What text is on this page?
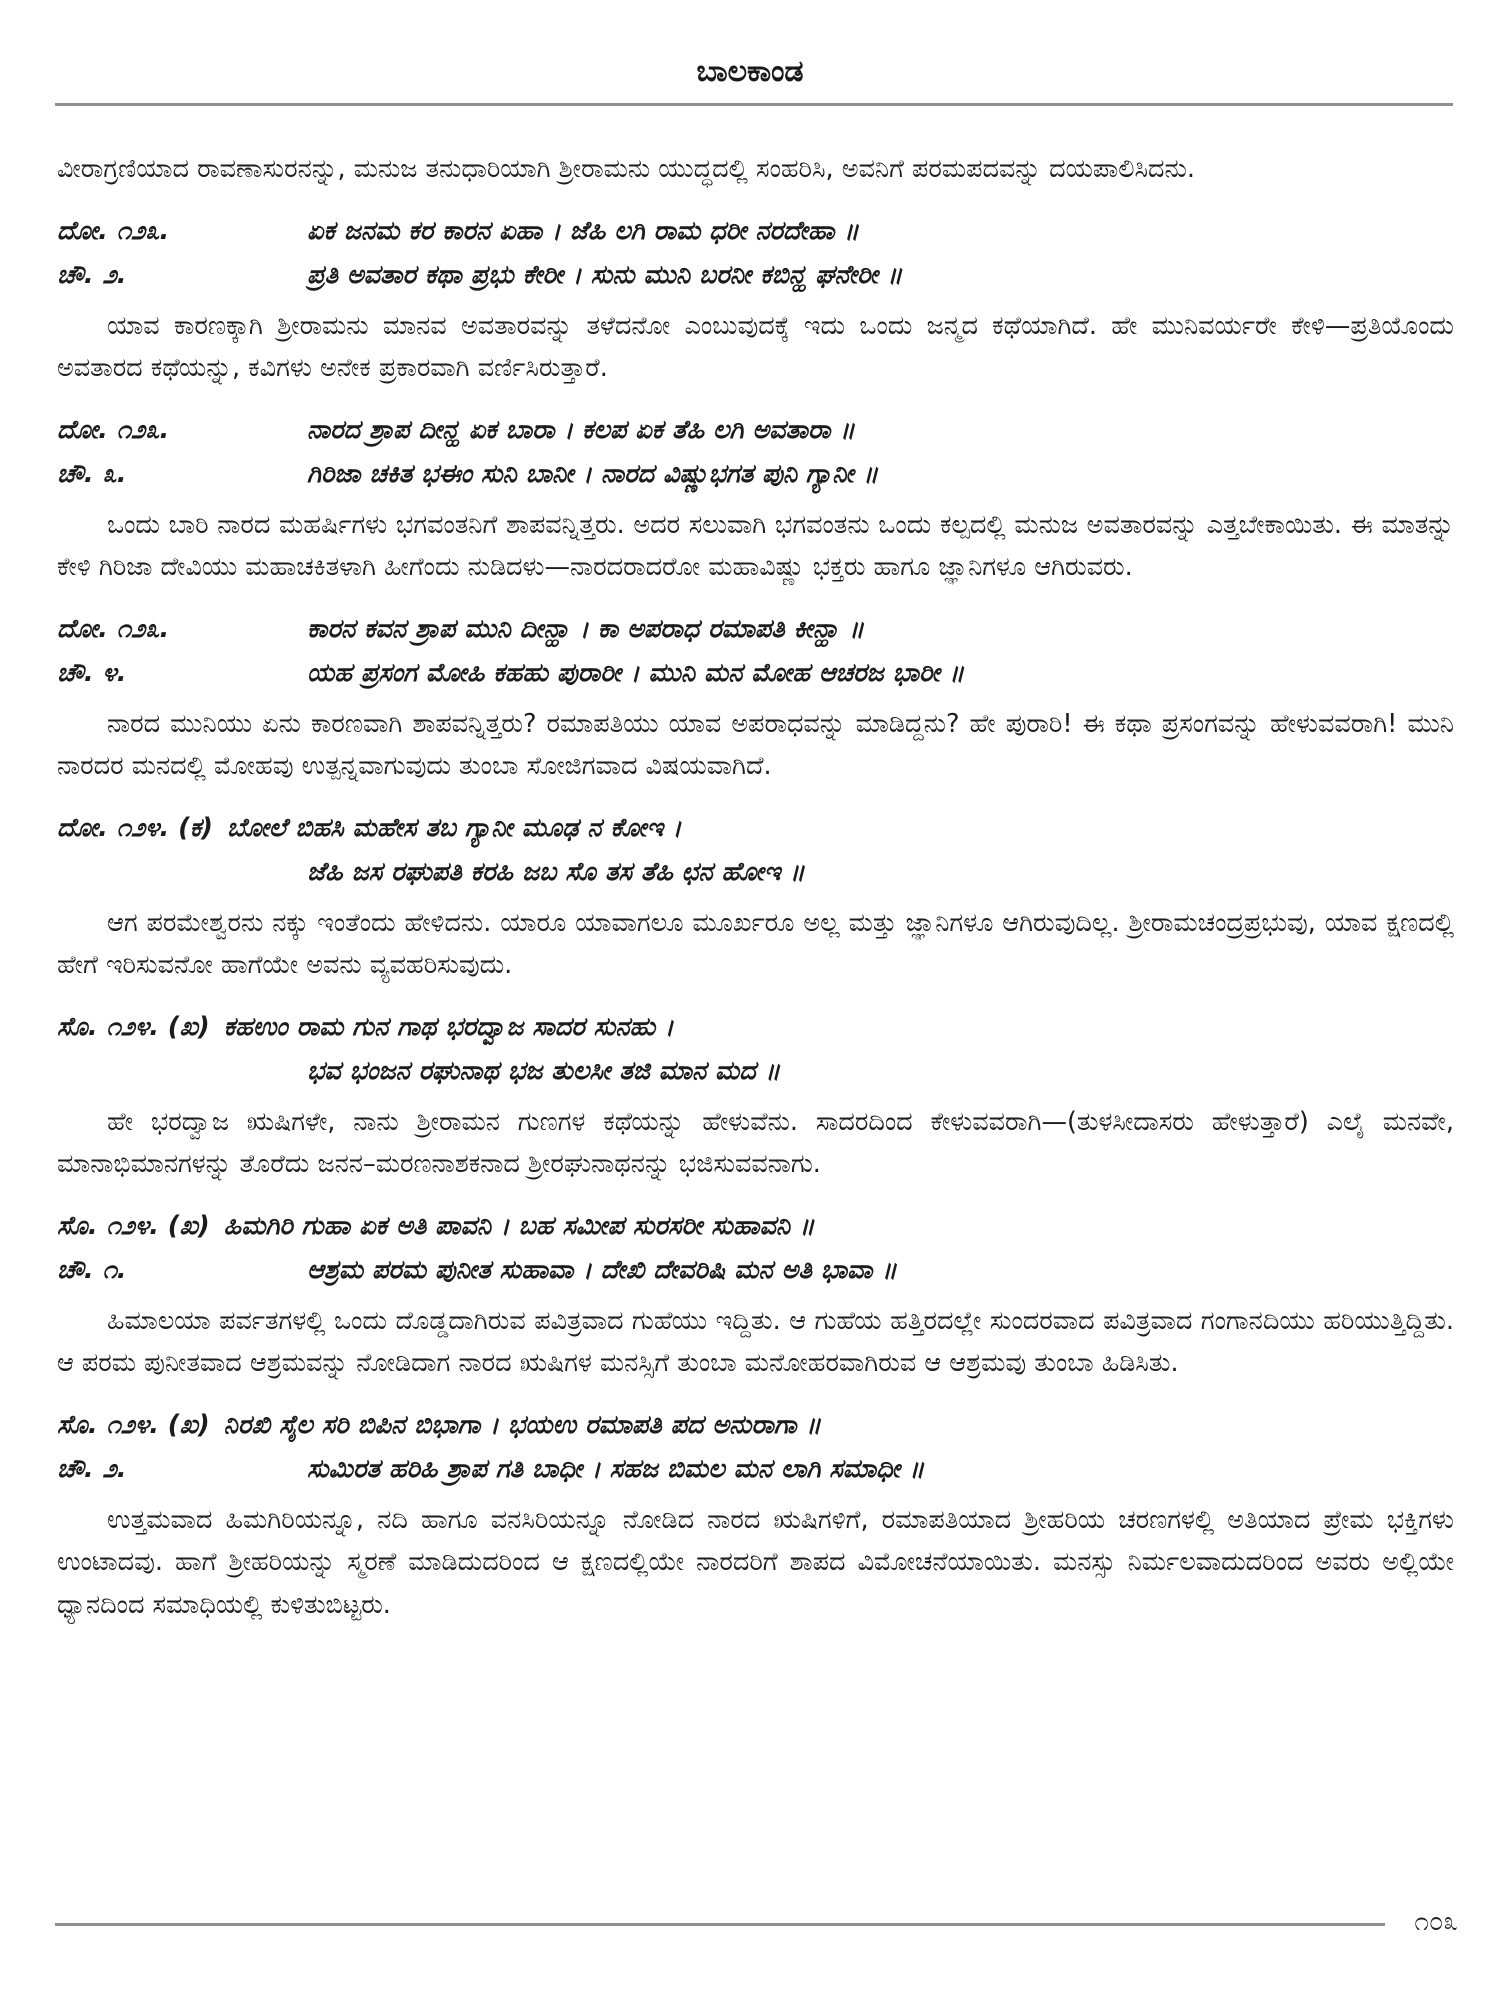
ಬಾಲಕಾಂಡ
ವೀರಾಗ್ರಣಿಯಾದ ರಾವಣಾಸುರನನ್ನು, ಮನುಜ ತನುಧಾರಿಯಾಗಿ ಶ್ರೀರಾಮನು ಯುದ್ಧದಲ್ಲಿ ಸಂಹರಿಸಿ, ಅವನಿಗೆ ಪರಮಪದವನ್ನು ದಯಪಾಲಿಸಿದನು.
ದೋ. ೧೨೩.	ಏಕ ಜನಮ ಕರ ಕಾರನ ಏಹಾ । ಜೆಹಿ ಲಗಿ ರಾಮ ಧರೀ ನರದೇಹಾ ॥
ಚೌ. ೨.	ಪ್ರತಿ ಅವತಾರ ಕಥಾ ಪ್ರಭು ಕೇರೀ । ಸುನು ಮುನಿ ಬರನೀ ಕಬಿನ್ಹ ಘನೇರೀ ॥
ಯಾವ ಕಾರಣಕ್ಕಾಗಿ ಶ್ರೀರಾಮನು ಮಾನವ ಅವತಾರವನ್ನು ತಳೆದನೋ ಎಂಬುವುದಕ್ಕೆ ಇದು ಒಂದು ಜನ್ಮದ ಕಥೆಯಾಗಿದೆ. ಹೇ ಮುನಿವರ್ಯರೇ ಕೇಳಿ—ಪ್ರತಿಯೊಂದು ಅವತಾರದ ಕಥೆಯನ್ನು, ಕವಿಗಳು ಅನೇಕ ಪ್ರಕಾರವಾಗಿ ವರ್ಣಿಸಿರುತ್ತಾರೆ.
ದೋ. ೧೨೩.	ನಾರದ ಶ್ರಾಪ ದೀನ್ಹ ಏಕ ಬಾರಾ । ಕಲಪ ಏಕ ತೆಹಿ ಲಗಿ ಅವತಾರಾ ॥
ಚೌ. ೩.	ಗಿರಿಜಾ ಚಕಿತ ಭಈಂ ಸುನಿ ಬಾನೀ । ನಾರದ ವಿಷ್ಣುಭಗತ ಪುನಿ ಗ್ಯಾನೀ ॥
ಒಂದು ಬಾರಿ ನಾರದ ಮಹರ್ಷಿಗಳು ಭಗವಂತನಿಗೆ ಶಾಪವನ್ನಿತ್ತರು. ಅದರ ಸಲುವಾಗಿ ಭಗವಂತನು ಒಂದು ಕಲ್ಪದಲ್ಲಿ ಮನುಜ ಅವತಾರವನ್ನು ಎತ್ತಬೇಕಾಯಿತು. ಈ ಮಾತನ್ನು ಕೇಳಿ ಗಿರಿಜಾ ದೇವಿಯು ಮಹಾಚಕಿತಳಾಗಿ ಹೀಗೆಂದು ನುಡಿದಳು—ನಾರದರಾದರೋ ಮಹಾವಿಷ್ಣು ಭಕ್ತರು ಹಾಗೂ ಜ್ಞಾನಿಗಳೂ ಆಗಿರುವರು.
ದೋ. ೧೨೩.	ಕಾರನ ಕವನ ಶ್ರಾಪ ಮುನಿ ದೀನ್ಹಾ । ಕಾ ಅಪರಾಧ ರಮಾಪತಿ ಕೀನ್ಹಾ ॥
ಚೌ. ೪.	ಯಹ ಪ್ರಸಂಗ ಮೋಹಿ ಕಹಹು ಪುರಾರೀ । ಮುನಿ ಮನ ಮೋಹ ಆಚರಜ ಭಾರೀ ॥
ನಾರದ ಮುನಿಯು ಏನು ಕಾರಣವಾಗಿ ಶಾಪವನ್ನಿತ್ತರು? ರಮಾಪತಿಯು ಯಾವ ಅಪರಾಧವನ್ನು ಮಾಡಿದ್ದನು? ಹೇ ಪುರಾರಿ! ಈ ಕಥಾ ಪ್ರಸಂಗವನ್ನು ಹೇಳುವವರಾಗಿ! ಮುನಿ ನಾರದರ ಮನದಲ್ಲಿ ಮೋಹವು ಉತ್ಪನ್ನವಾಗುವುದು ತುಂಬಾ ಸೋಜಿಗವಾದ ವಿಷಯವಾಗಿದೆ.
ದೋ. ೧೨೪. (ಕ) ಬೋಲೆ ಬಿಹಸಿ ಮಹೇಸ ತಬ ಗ್ಯಾನೀ ಮೂಢ ನ ಕೋಇ ।
ಜೆಹಿ ಜಸ ರಘುಪತಿ ಕರಹಿ ಜಬ ಸೊ ತಸ ತೆಹಿ ಛನ ಹೋಇ ॥
ಆಗ ಪರಮೇಶ್ವರನು ನಕ್ಕು ಇಂತೆಂದು ಹೇಳಿದನು. ಯಾರೂ ಯಾವಾಗಲೂ ಮೂರ್ಖರೂ ಅಲ್ಲ ಮತ್ತು ಜ್ಞಾನಿಗಳೂ ಆಗಿರುವುದಿಲ್ಲ. ಶ್ರೀರಾಮಚಂದ್ರಪ್ರಭುವು, ಯಾವ ಕ್ಷಣದಲ್ಲಿ ಹೇಗೆ ಇರಿಸುವನೋ ಹಾಗೆಯೇ ಅವನು ವ್ಯವಹರಿಸುವುದು.
ಸೊ. ೧೨೪. (ಖ) ಕಹಉಂ ರಾಮ ಗುನ ಗಾಥ ಭರದ್ವಾಜ ಸಾದರ ಸುನಹು ।
ಭವ ಭಂಜನ ರಘುನಾಥ ಭಜ ತುಲಸೀ ತಜಿ ಮಾನ ಮದ ॥
ಹೇ ಭರದ್ವಾಜ ಋಷಿಗಳೇ, ನಾನು ಶ್ರೀರಾಮನ ಗುಣಗಳ ಕಥೆಯನ್ನು ಹೇಳುವೆನು. ಸಾದರದಿಂದ ಕೇಳುವವರಾಗಿ—(ತುಳಸೀದಾಸರು ಹೇಳುತ್ತಾರೆ) ಎಲೈ ಮನವೇ, ಮಾನಾಭಿಮಾನಗಳನ್ನು ತೊರೆದು ಜನನ–ಮರಣನಾಶಕನಾದ ಶ್ರೀರಘುನಾಥನನ್ನು ಭಜಿಸುವವನಾಗು.
ಸೊ. ೧೨೪. (ಖ) ಹಿಮಗಿರಿ ಗುಹಾ ಏಕ ಅತಿ ಪಾವನಿ । ಬಹ ಸಮೀಪ ಸುರಸರೀ ಸುಹಾವನಿ ॥
ಚೌ. ೧.	ಆಶ್ರಮ ಪರಮ ಪುನೀತ ಸುಹಾವಾ । ದೇಖಿ ದೇವರಿಷಿ ಮನ ಅತಿ ಭಾವಾ ॥
ಹಿಮಾಲಯಾ ಪರ್ವತಗಳಲ್ಲಿ ಒಂದು ದೊಡ್ಡದಾಗಿರುವ ಪವಿತ್ರವಾದ ಗುಹೆಯು ಇದ್ದಿತು. ಆ ಗುಹೆಯ ಹತ್ತಿರದಲ್ಲೇ ಸುಂದರವಾದ ಪವಿತ್ರವಾದ ಗಂಗಾನದಿಯು ಹರಿಯುತ್ತಿದ್ದಿತು. ಆ ಪರಮ ಪುನೀತವಾದ ಆಶ್ರಮವನ್ನು ನೋಡಿದಾಗ ನಾರದ ಋಷಿಗಳ ಮನಸ್ಸಿಗೆ ತುಂಬಾ ಮನೋಹರವಾಗಿರುವ ಆ ಆಶ್ರಮವು ತುಂಬಾ ಹಿಡಿಸಿತು.
ಸೊ. ೧೨೪. (ಖ) ನಿರಖಿ ಸೈಲ ಸರಿ ಬಿಪಿನ ಬಿಭಾಗಾ । ಭಯಉ ರಮಾಪತಿ ಪದ ಅನುರಾಗಾ ॥
ಚೌ. ೨.	ಸುಮಿರತ ಹರಿಹಿ ಶ್ರಾಪ ಗತಿ ಬಾಧೀ । ಸಹಜ ಬಿಮಲ ಮನ ಲಾಗಿ ಸಮಾಧೀ ॥
ಉತ್ತಮವಾದ ಹಿಮಗಿರಿಯನ್ನೂ, ನದಿ ಹಾಗೂ ವನಸಿರಿಯನ್ನೂ ನೋಡಿದ ನಾರದ ಋಷಿಗಳಿಗೆ, ರಮಾಪತಿಯಾದ ಶ್ರೀಹರಿಯ ಚರಣಗಳಲ್ಲಿ ಅತಿಯಾದ ಪ್ರೇಮ ಭಕ್ತಿಗಳು ಉಂಟಾದವು. ಹಾಗೆ ಶ್ರೀಹರಿಯನ್ನು ಸ್ಮರಣೆ ಮಾಡಿದುದರಿಂದ ಆ ಕ್ಷಣದಲ್ಲಿಯೇ ನಾರದರಿಗೆ ಶಾಪದ ವಿಮೋಚನೆಯಾಯಿತು. ಮನಸ್ಸು ನಿರ್ಮಲವಾದುದರಿಂದ ಅವರು ಅಲ್ಲಿಯೇ ಧ್ಯಾನದಿಂದ ಸಮಾಧಿಯಲ್ಲಿ ಕುಳಿತುಬಿಟ್ಟರು.
೧೦೩
